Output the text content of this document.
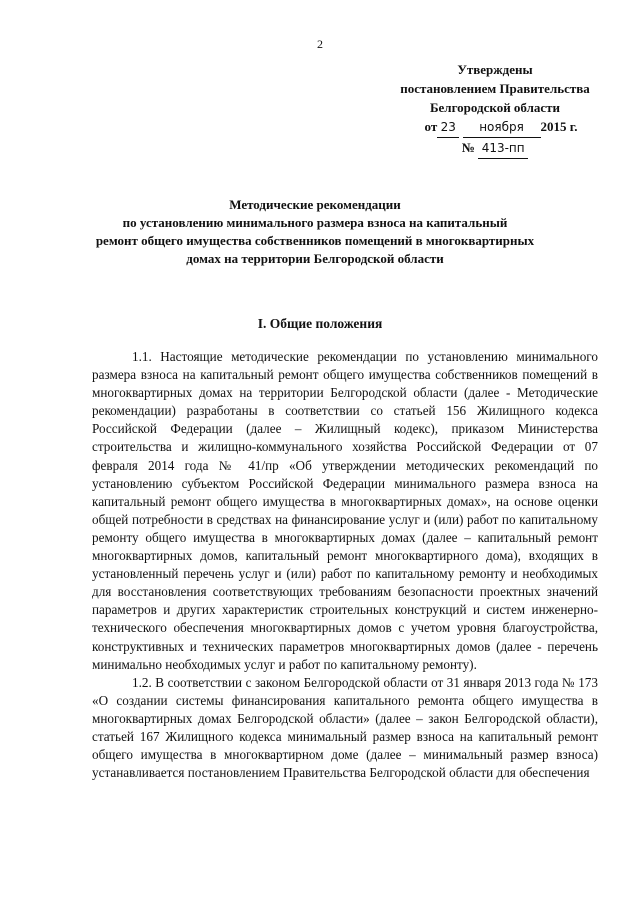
2
Утверждены
постановлением Правительства
Белгородской области
от 23 ноября 2015 г.
№ 413-пп
Методические рекомендации
по установлению минимального размера взноса на капитальный
ремонт общего имущества собственников помещений в многоквартирных
домах на территории Белгородской области
I. Общие положения

1.1. Настоящие методические рекомендации по установлению минимального размера взноса на капитальный ремонт общего имущества собственников помещений в многоквартирных домах на территории Белгородской области (далее - Методические рекомендации) разработаны в соответствии со статьей 156 Жилищного кодекса Российской Федерации (далее – Жилищный кодекс), приказом Министерства строительства и жилищно-коммунального хозяйства Российской Федерации от 07 февраля 2014 года № 41/пр «Об утверждении методических рекомендаций по установлению субъектом Российской Федерации минимального размера взноса на капитальный ремонт общего имущества в многоквартирных домах», на основе оценки общей потребности в средствах на финансирование услуг и (или) работ по капитальному ремонту общего имущества в многоквартирных домах (далее – капитальный ремонт многоквартирных домов, капитальный ремонт многоквартирного дома), входящих в установленный перечень услуг и (или) работ по капитальному ремонту и необходимых для восстановления соответствующих требованиям безопасности проектных значений параметров и других характеристик строительных конструкций и систем инженерно-технического обеспечения многоквартирных домов с учетом уровня благоустройства, конструктивных и технических параметров многоквартирных домов (далее - перечень минимально необходимых услуг и работ по капитальному ремонту).

1.2. В соответствии с законом Белгородской области от 31 января 2013 года № 173 «О создании системы финансирования капитального ремонта общего имущества в многоквартирных домах Белгородской области» (далее – закон Белгородской области), статьей 167 Жилищного кодекса минимальный размер взноса на капитальный ремонт общего имущества в многоквартирном доме (далее – минимальный размер взноса) устанавливается постановлением Правительства Белгородской области для обеспечения
